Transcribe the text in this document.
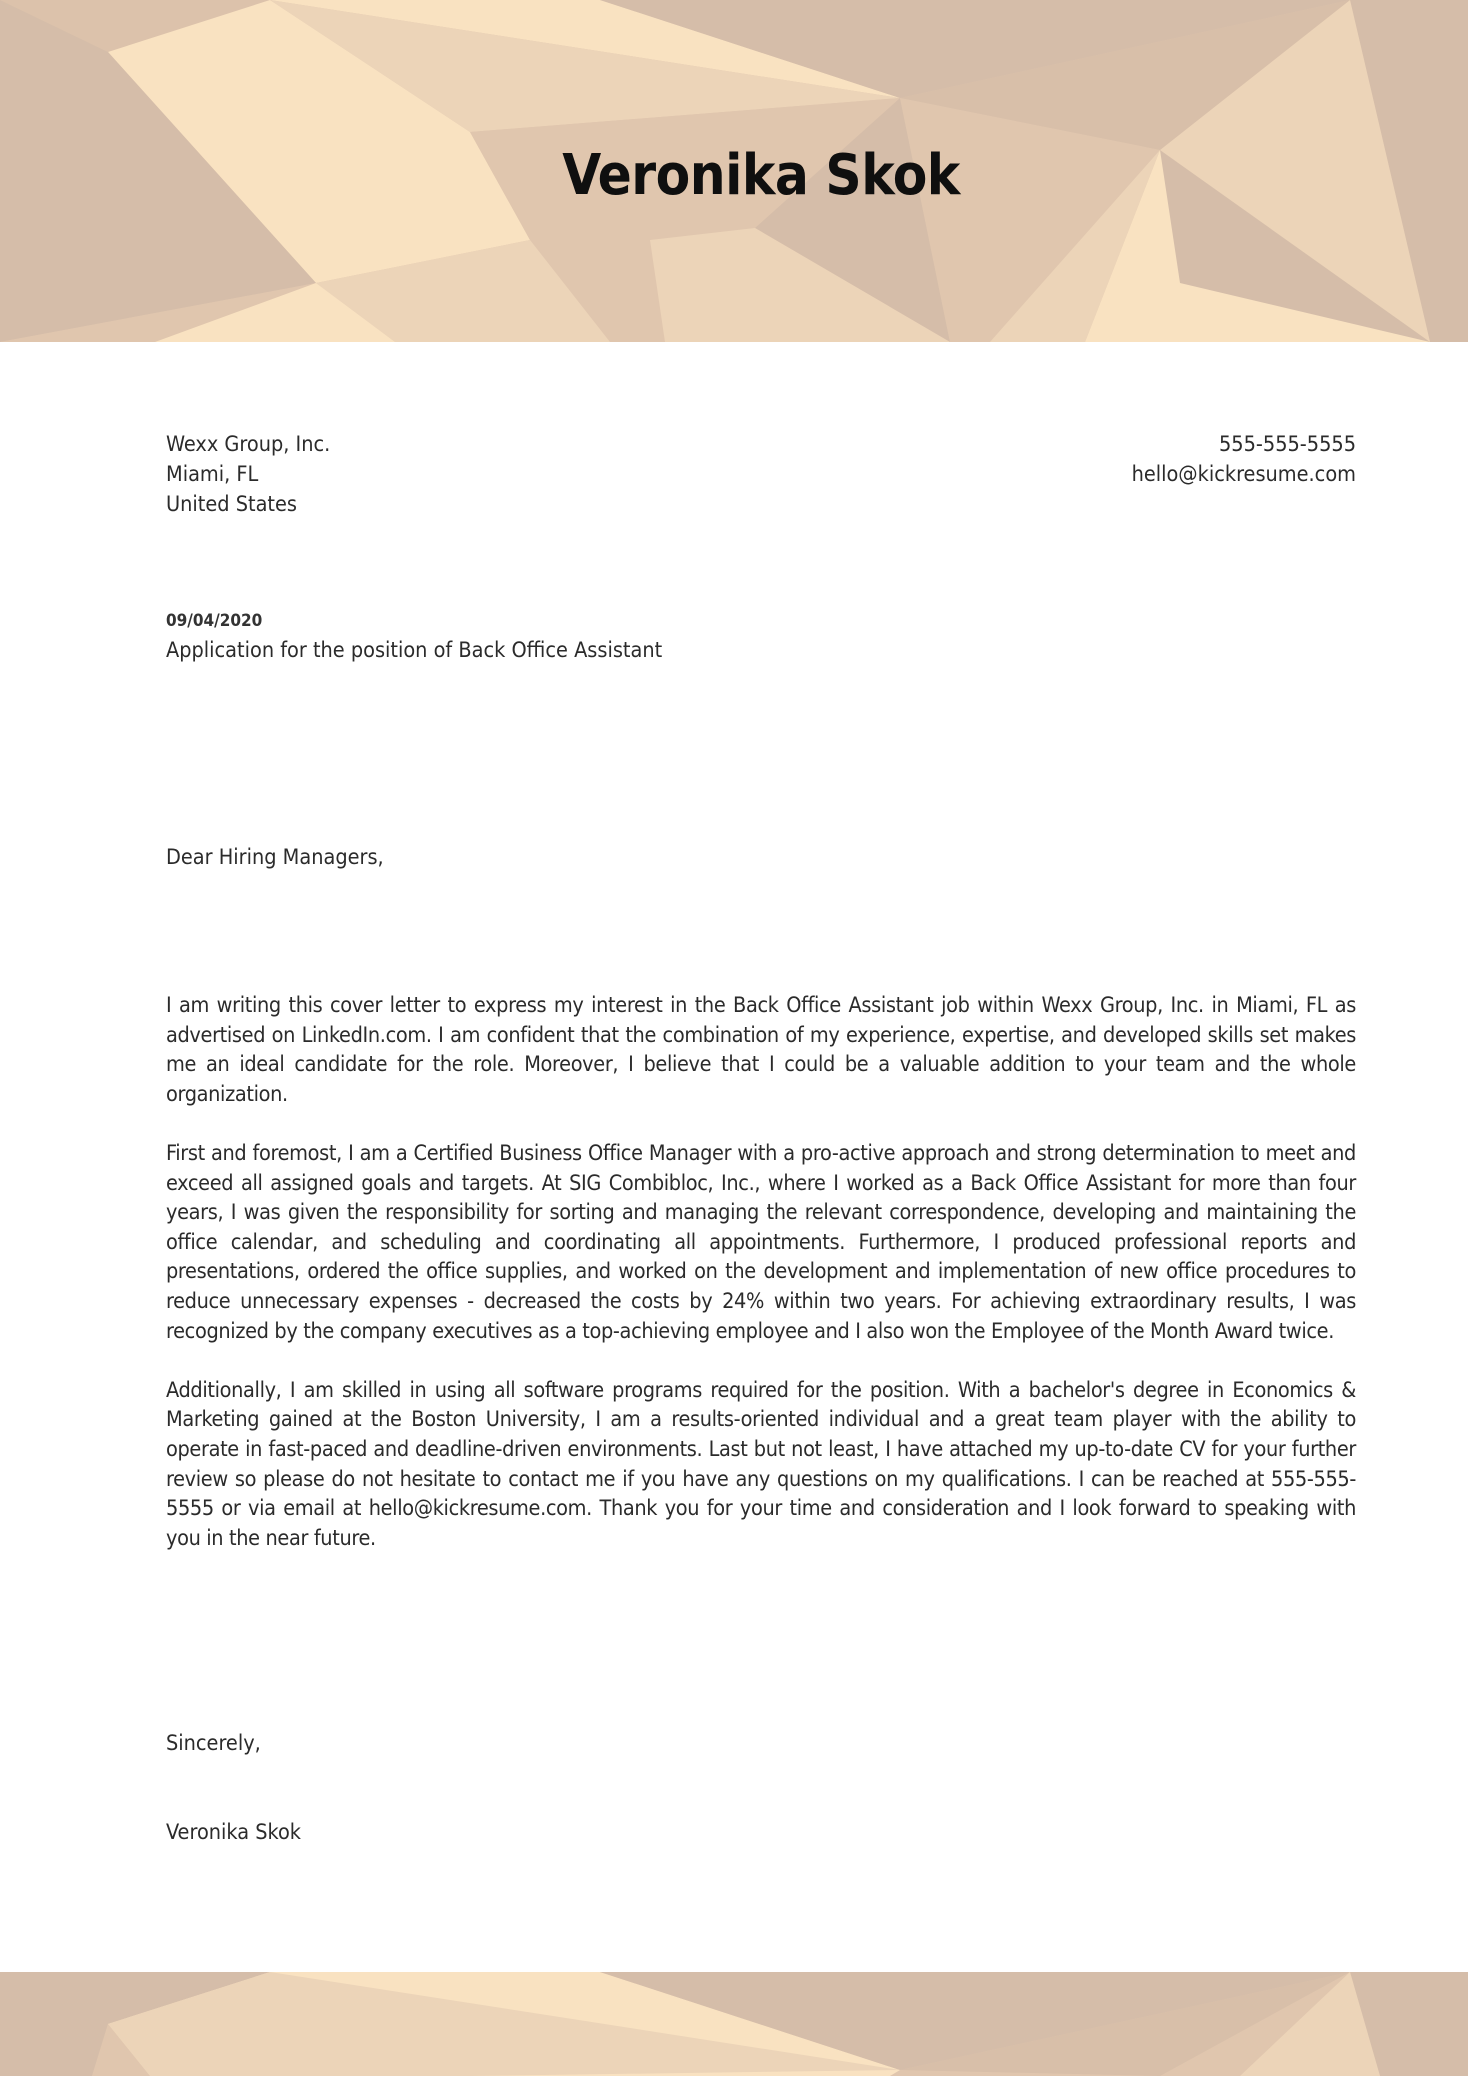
Veronika Skok
Wexx Group, Inc.
Miami, FL
United States
555-555-5555
hello@kickresume.com
09/04/2020
Application for the position of Back Office Assistant
Dear Hiring Managers,

I am writing this cover letter to express my interest in the Back Office Assistant job within Wexx Group, Inc. in Miami, FL as advertised on LinkedIn.com. I am confident that the combination of my experience, expertise, and developed skills set makes me an ideal candidate for the role. Moreover, I believe that I could be a valuable addition to your team and the whole organization.

First and foremost, I am a Certified Business Office Manager with a pro-active approach and strong determination to meet and exceed all assigned goals and targets. At SIG Combibloc, Inc., where I worked as a Back Office Assistant for more than four years, I was given the responsibility for sorting and managing the relevant correspondence, developing and maintaining the office calendar, and scheduling and coordinating all appointments. Furthermore, I produced professional reports and presentations, ordered the office supplies, and worked on the development and implementation of new office procedures to reduce unnecessary expenses - decreased the costs by 24% within two years. For achieving extraordinary results, I was recognized by the company executives as a top-achieving employee and I also won the Employee of the Month Award twice.

Additionally, I am skilled in using all software programs required for the position. With a bachelor's degree in Economics & Marketing gained at the Boston University, I am a results-oriented individual and a great team player with the ability to operate in fast-paced and deadline-driven environments. Last but not least, I have attached my up-to-date CV for your further review so please do not hesitate to contact me if you have any questions on my qualifications. I can be reached at 555-555-5555 or via email at hello@kickresume.com. Thank you for your time and consideration and I look forward to speaking with you in the near future.

Sincerely,
Veronika Skok
